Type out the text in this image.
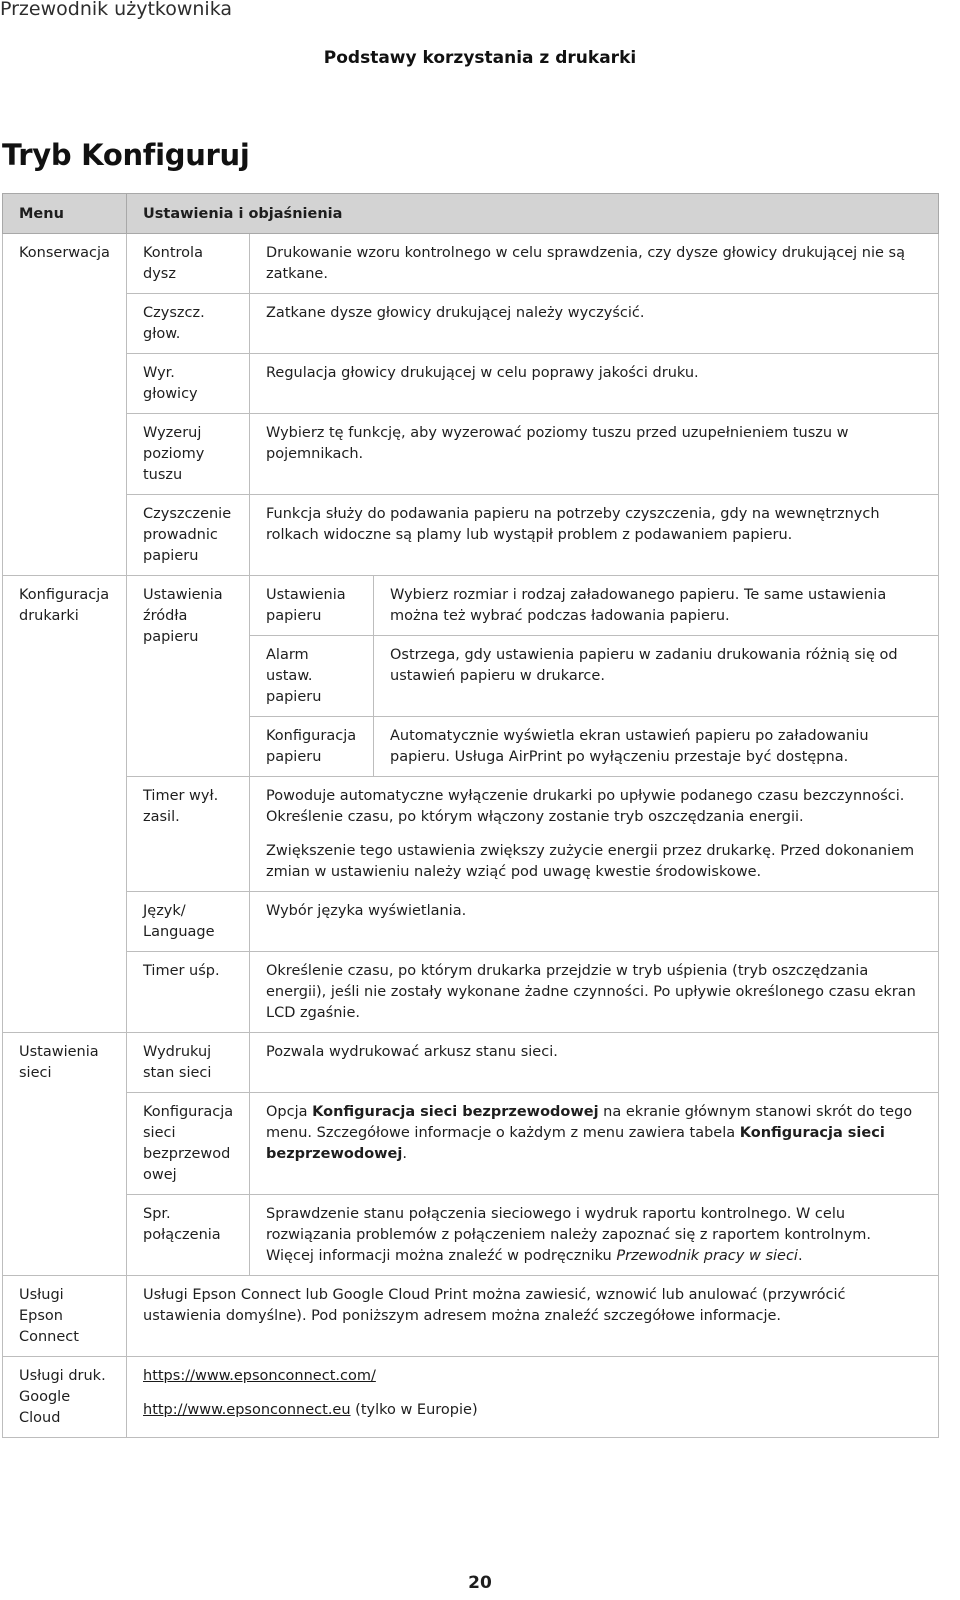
Przewodnik użytkownika
Podstawy korzystania z drukarki
Tryb Konfiguruj
Menu	Ustawienia i objaśnienia		
Konserwacja	Kontrola dysz	Drukowanie wzoru kontrolnego w celu sprawdzenia, czy dysze głowicy drukującej nie są zatkane.	
	Czyszcz. głow.	Zatkane dysze głowicy drukującej należy wyczyścić.	
	Wyr. głowicy	Regulacja głowicy drukującej w celu poprawy jakości druku.	
	Wyzeruj poziomy tuszu	Wybierz tę funkcję, aby wyzerować poziomy tuszu przed uzupełnieniem tuszu w pojemnikach.	
	Czyszczenie prowadnic papieru	Funkcja służy do podawania papieru na potrzeby czyszczenia, gdy na wewnętrznych rolkach widoczne są plamy lub wystąpił problem z podawaniem papieru.	
Konfiguracja drukarki	Ustawienia źródła papieru	Ustawienia papieru	Wybierz rozmiar i rodzaj załadowanego papieru. Te same ustawienia można też wybrać podczas ładowania papieru.
		Alarm ustaw. papieru	Ostrzega, gdy ustawienia papieru w zadaniu drukowania różnią się od ustawień papieru w drukarce.
		Konfiguracja papieru	Automatycznie wyświetla ekran ustawień papieru po załadowaniu papieru. Usługa AirPrint po wyłączeniu przestaje być dostępna.
	Timer wył. zasil.	Powoduje automatyczne wyłączenie drukarki po upływie podanego czasu bezczynności. Określenie czasu, po którym włączony zostanie tryb oszczędzania energii.

Zwiększenie tego ustawienia zwiększy zużycie energii przez drukarkę. Przed dokonaniem zmian w ustawieniu należy wziąć pod uwagę kwestie środowiskowe.	

	Język/ Language	Wybór języka wyświetlania.	
	Timer uśp.	Określenie czasu, po którym drukarka przejdzie w tryb uśpienia (tryb oszczędzania energii), jeśli nie zostały wykonane żadne czynności. Po upływie określonego czasu ekran LCD zgaśnie.	
Ustawienia sieci	Wydrukuj stan sieci	Pozwala wydrukować arkusz stanu sieci.	
	Konfiguracja sieci bezprzewod owej	Opcja Konfiguracja sieci bezprzewodowej na ekranie głównym stanowi skrót do tego menu. Szczegółowe informacje o każdym z menu zawiera tabela Konfiguracja sieci bezprzewodowej.	
	Spr. połączenia	Sprawdzenie stanu połączenia sieciowego i wydruk raportu kontrolnego. W celu rozwiązania problemów z połączeniem należy zapoznać się z raportem kontrolnym. Więcej informacji można znaleźć w podręczniku Przewodnik pracy w sieci.	
Usługi Epson Connect	Usługi Epson Connect lub Google Cloud Print można zawiesić, wznowić lub anulować (przywrócić ustawienia domyślne). Pod poniższym adresem można znaleźć szczegółowe informacje.		
Usługi druk. Google Cloud	https://www.epsonconnect.com/

http://www.epsonconnect.eu (tylko w Europie)		

20
